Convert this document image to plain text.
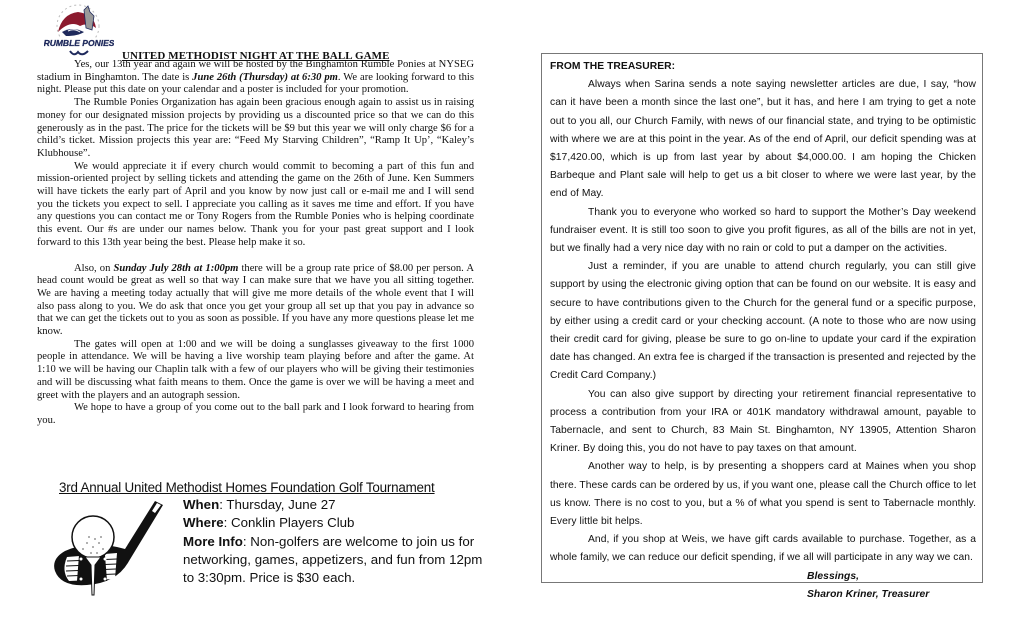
RUMBLE PONIES
UNITED METHODIST NIGHT AT THE BALL GAME

Yes, our 13th year and again we will be hosted by the Binghamton Rumble Ponies at NYSEG stadium in Binghamton. The date is June 26th (Thursday) at 6:30 pm. We are looking forward to this night. Please put this date on your calendar and a poster is included for your promotion.

The Rumble Ponies Organization has again been gracious enough again to assist us in raising money for our designated mission projects by providing us a discounted price so that we can do this generously as in the past. The price for the tickets will be $9 but this year we will only charge $6 for a child’s ticket. Mission projects this year are: “Feed My Starving Children”, “Ramp It Up’, “Kaley’s Klubhouse”.

We would appreciate it if every church would commit to becoming a part of this fun and mission-oriented project by selling tickets and attending the game on the 26th of June. Ken Summers will have tickets the early part of April and you know by now just call or e-mail me and I will send you the tickets you expect to sell. I appreciate you calling as it saves me time and effort. If you have any questions you can contact me or Tony Rogers from the Rumble Ponies who is helping coordinate this event. Our #s are under our names below. Thank you for your past great support and I look forward to this 13th year being the best. Please help make it so.

Also, on Sunday July 28th at 1:00pm there will be a group rate price of $8.00 per person. A head count would be great as well so that way I can make sure that we have you all sitting together. We are having a meeting today actually that will give me more details of the whole event that I will also pass along to you. We do ask that once you get your group all set up that you pay in advance so that we can get the tickets out to you as soon as possible. If you have any more questions please let me know.

The gates will open at 1:00 and we will be doing a sunglasses giveaway to the first 1000 people in attendance. We will be having a live worship team playing before and after the game. At 1:10 we will be having our Chaplin talk with a few of our players who will be giving their testimonies and will be discussing what faith means to them. Once the game is over we will be having a meet and greet with the players and an autograph session.

We hope to have a group of you come out to the ball park and I look forward to hearing from you.

3rd Annual United Methodist Homes Foundation Golf Tournament
When: Thursday, June 27
Where: Conklin Players Club
More Info: Non-golfers are welcome to join us for networking, games, appetizers, and fun from 12pm to 3:30pm. Price is $30 each.
FROM THE TREASURER:

Always when Sarina sends a note saying newsletter articles are due, I say, “how can it have been a month since the last one”, but it has, and here I am trying to get a note out to you all, our Church Family, with news of our financial state, and trying to be optimistic with where we are at this point in the year. As of the end of April, our deficit spending was at $17,420.00, which is up from last year by about $4,000.00. I am hoping the Chicken Barbeque and Plant sale will help to get us a bit closer to where we were last year, by the end of May.

Thank you to everyone who worked so hard to support the Mother’s Day weekend fundraiser event. It is still too soon to give you profit figures, as all of the bills are not in yet, but we finally had a very nice day with no rain or cold to put a damper on the activities.

Just a reminder, if you are unable to attend church regularly, you can still give support by using the electronic giving option that can be found on our website. It is easy and secure to have contributions given to the Church for the general fund or a specific purpose, by either using a credit card or your checking account. (A note to those who are now using their credit card for giving, please be sure to go on-line to update your card if the expiration date has changed. An extra fee is charged if the transaction is presented and rejected by the Credit Card Company.)

You can also give support by directing your retirement financial representative to process a contribution from your IRA or 401K mandatory withdrawal amount, payable to Tabernacle, and sent to Church, 83 Main St. Binghamton, NY 13905, Attention Sharon Kriner. By doing this, you do not have to pay taxes on that amount.

Another way to help, is by presenting a shoppers card at Maines when you shop there. These cards can be ordered by us, if you want one, please call the Church office to let us know. There is no cost to you, but a % of what you spend is sent to Tabernacle monthly. Every little bit helps.

And, if you shop at Weis, we have gift cards available to purchase. Together, as a whole family, we can reduce our deficit spending, if we all will participate in any way we can.

Blessings,

Sharon Kriner, Treasurer
